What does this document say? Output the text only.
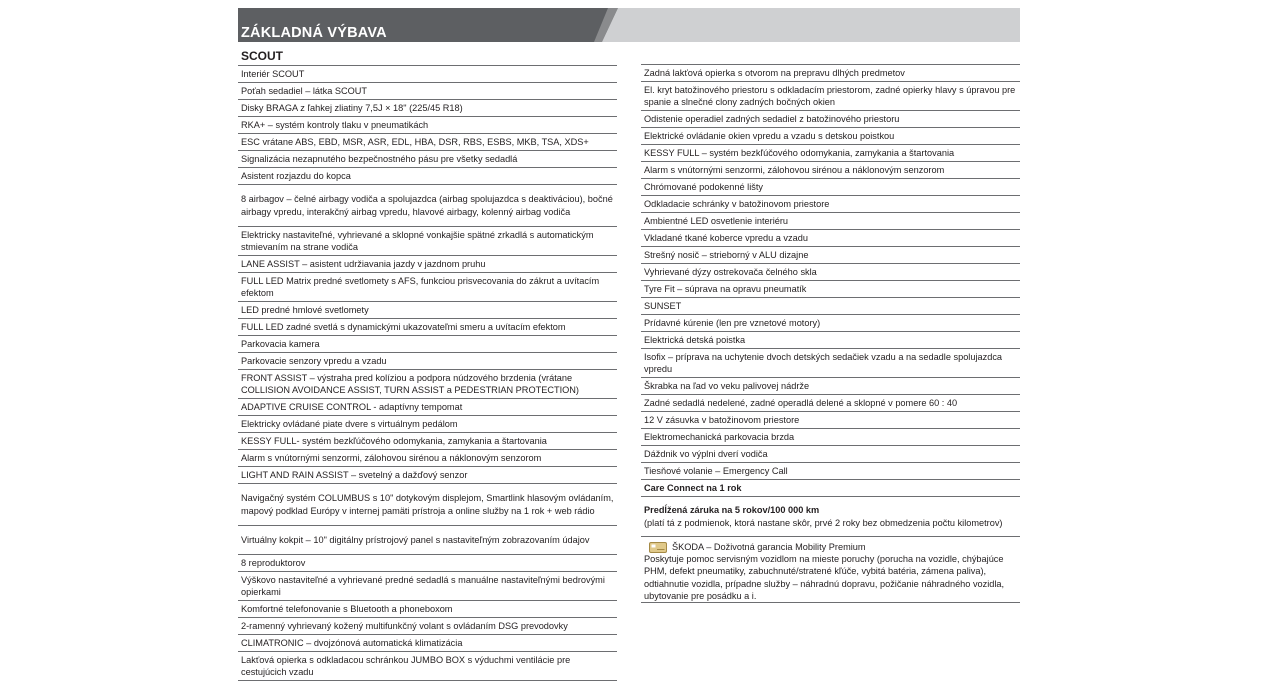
ZÁKLADNÁ VÝBAVA
SCOUT
Interiér SCOUT
Poťah sedadiel – látka SCOUT
Disky BRAGA z ľahkej zliatiny 7,5J × 18" (225/45 R18)
RKA+ – systém kontroly tlaku v pneumatikách
ESC vrátane ABS, EBD, MSR, ASR, EDL, HBA, DSR, RBS, ESBS, MKB, TSA, XDS+
Signalizácia nezapnutého bezpečnostného pásu pre všetky sedadlá
Asistent rozjazdu do kopca
8 airbagov – čelné airbagy vodiča a spolujazdca (airbag spolujazdca s deaktiváciou), bočné airbagy vpredu, interakčný airbag vpredu, hlavové airbagy, kolenný airbag vodiča
Elektricky nastaviteľné, vyhrievané a sklopné vonkajšie spätné zrkadlá s automatickým stmievaním na strane vodiča
LANE ASSIST – asistent udržiavania jazdy v jazdnom pruhu
FULL LED Matrix predné svetlomety s AFS, funkciou prisvecovania do zákrut a uvítacím efektom
LED predné hmlové svetlomety
FULL LED zadné svetlá s dynamickými ukazovateľmi smeru a uvítacím efektom
Parkovacia kamera
Parkovacie senzory vpredu a vzadu
FRONT ASSIST – výstraha pred kolíziou a podpora núdzového brzdenia (vrátane COLLISION AVOIDANCE ASSIST, TURN ASSIST a PEDESTRIAN PROTECTION)
ADAPTIVE CRUISE CONTROL - adaptívny tempomat
Elektricky ovládané piate dvere s virtuálnym pedálom
KESSY FULL- systém bezkľúčového odomykania, zamykania a štartovania
Alarm s vnútornými senzormi, zálohovou sirénou a náklonovým senzorom
LIGHT AND RAIN ASSIST – svetelný a dažďový senzor
Navigačný systém COLUMBUS s 10" dotykovým displejom, Smartlink hlasovým ovládaním, mapový podklad Európy v internej pamäti prístroja a online služby na 1 rok + web rádio
Virtuálny kokpit – 10" digitálny prístrojový panel s nastaviteľným zobrazovaním údajov
8 reproduktorov
Výškovo nastaviteľné a vyhrievané predné sedadlá s manuálne nastaviteľnými bedrovými opierkami
Komfortné telefonovanie s Bluetooth a phoneboxom
2-ramenný vyhrievaný kožený multifunkčný volant s ovládaním DSG prevodovky
CLIMATRONIC – dvojzónová automatická klimatizácia
Lakťová opierka s odkladacou schránkou JUMBO BOX s výduchmi ventilácie pre cestujúcich vzadu
Zadná lakťová opierka s otvorom na prepravu dlhých predmetov
El. kryt batožinového priestoru s odkladacím priestorom, zadné opierky hlavy s úpravou pre spanie a slnečné clony zadných bočných okien
Odistenie operadiel zadných sedadiel z batožinového priestoru
Elektrické ovládanie okien vpredu a vzadu s detskou poistkou
KESSY FULL – systém bezkľúčového odomykania, zamykania a štartovania
Alarm s vnútornými senzormi, zálohovou sirénou a náklonovým senzorom
Chrómované podokenné lišty
Odkladacie schránky v batožinovom priestore
Ambientné LED osvetlenie interiéru
Vkladané tkané koberce vpredu a vzadu
Strešný nosič – strieborný v ALU dizajne
Vyhrievané dýzy ostrekovača čelného skla
Tyre Fit – súprava na opravu pneumatík
SUNSET
Prídavné kúrenie (len pre vznetové motory)
Elektrická detská poistka
Isofix – príprava na uchytenie dvoch detských sedačiek vzadu a na sedadle spolujazdca vpredu
Škrabka na ľad vo veku palivovej nádrže
Zadné sedadlá nedelené, zadné operadlá delené a sklopné v pomere 60 : 40
12 V zásuvka v batožinovom priestore
Elektromechanická parkovacia brzda
Dáždnik vo výplni dverí vodiča
Tiesňové volanie – Emergency Call
Care Connect na 1 rok
Predĺžená záruka na 5 rokov/100 000 km
(platí tá z podmienok, ktorá nastane skôr, prvé 2 roky bez obmedzenia počtu kilometrov)
ŠKODA – Doživotná garancia Mobility Premium
Poskytuje pomoc servisným vozidlom na mieste poruchy (porucha na vozidle, chýbajúce PHM, defekt pneumatiky, zabuchnuté/stratené kľúče, vybitá batéria, zámena paliva), odtiahnutie vozidla, prípadne služby – náhradnú dopravu, požičanie náhradného vozidla, ubytovanie pre posádku a i.
